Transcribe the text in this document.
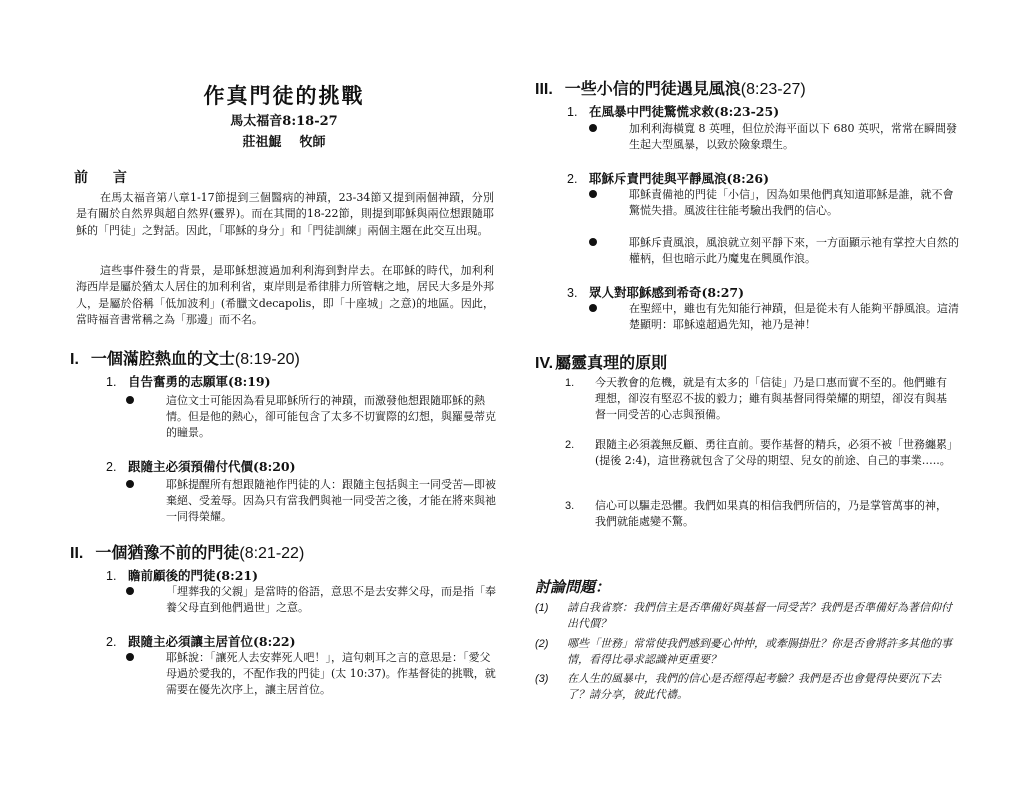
作真門徒的挑戰
馬太福音8:18-27
莊祖鯤 牧師
前 言

在馬太福音第八章1-17節提到三個醫病的神蹟，23-34節又提到兩個神蹟，分別是有關於自然界與超自然界(靈界)。而在其間的18-22節，則提到耶穌與兩位想跟隨耶穌的「門徒」之對話。因此，「耶穌的身分」和「門徒訓練」兩個主題在此交互出現。

這些事件發生的背景，是耶穌想渡過加利利海到對岸去。在耶穌的時代，加利利海西岸是屬於猶太人居住的加利利省，東岸則是希律腓力所管轄之地，居民大多是外邦人，是屬於俗稱「低加波利」(希臘文decapolis，即「十座城」之意)的地區。因此，當時福音書常稱之為「那邊」而不名。

I. 一個滿腔熱血的文士(8:19-20)
1. 自告奮勇的志願軍(8:19)
這位文士可能因為看見耶穌所行的神蹟，而激發他想跟隨耶穌的熱情。但是他的熱心，卻可能包含了太多不切實際的幻想，與羅曼蒂克的瞳景。
2. 跟隨主必須預備付代價(8:20)
耶穌提醒所有想跟隨祂作門徒的人：跟隨主包括與主一同受苦—即被棄絕、受羞辱。因為只有當我們與祂一同受苦之後，才能在將來與祂一同得榮耀。
II. 一個猶豫不前的門徒(8:21-22)
1. 瞻前顧後的門徒(8:21)
「埋葬我的父親」是當時的俗語，意思不是去安葬父母，而是指「奉養父母直到他們過世」之意。
2. 跟隨主必須讓主居首位(8:22)
耶穌說：「讓死人去安葬死人吧！」，這句刺耳之言的意思是：「愛父母過於愛我的，不配作我的門徒」(太 10:37)。作基督徒的挑戰，就需要在優先次序上，讓主居首位。
III. 一些小信的門徒遇見風浪(8:23-27)
1. 在風暴中門徒驚慌求救(8:23-25)
加利利海橫寬 8 英哩，但位於海平面以下 680 英呎，常常在瞬間發生起大型風暴，以致於險象環生。
2. 耶穌斥責門徒與平靜風浪(8:26)
耶穌責備祂的門徒「小信」，因為如果他們真知道耶穌是誰，就不會驚慌失措。風波往往能考驗出我們的信心。
耶穌斥責風浪，風浪就立刻平靜下來，一方面顯示祂有掌控大自然的權柄，但也暗示此乃魔鬼在興風作浪。
3. 眾人對耶穌感到希奇(8:27)
在聖經中，雖也有先知能行神蹟，但是從未有人能夠平靜風浪。這清楚顯明：耶穌遠超過先知，祂乃是神！
IV. 屬靈真理的原則
1. 今天教會的危機，就是有太多的「信徒」乃是口惠而實不至的。他們雖有理想，卻沒有堅忍不拔的毅力；雖有與基督同得榮耀的期望，卻沒有與基督一同受苦的心志與預備。
2. 跟隨主必須義無反顧、勇往直前。要作基督的精兵，必須不被「世務纏累」(提後 2:4)，這世務就包含了父母的期望、兒女的前途、自己的事業…..。
3. 信心可以驅走恐懼。我們如果真的相信我們所信的，乃是掌管萬事的神，我們就能處變不驚。
討論問題：
(1) 請自我省察：我們信主是否準備好與基督一同受苦？我們是否準備好為著信仰付出代價？
(2) 哪些「世務」常常使我們感到憂心忡忡，或牽腸掛肚？你是否會將許多其他的事情，看得比尋求認識神更重要？
(3) 在人生的風暴中，我們的信心是否經得起考驗？我們是否也會覺得快要沉下去了？請分享，彼此代禱。
